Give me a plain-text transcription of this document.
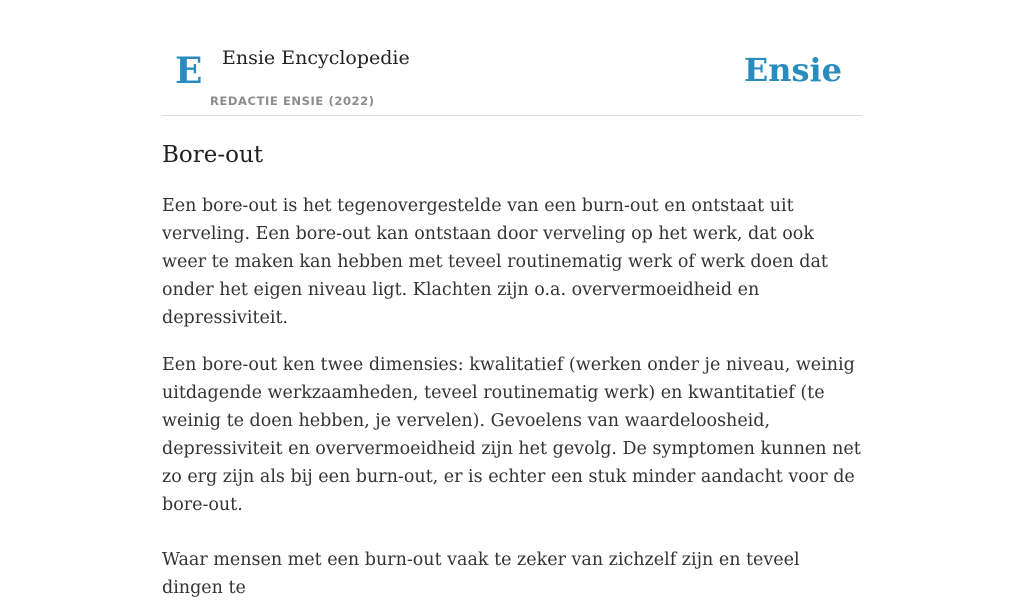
E Ensie Encyclopedie
REDACTIE ENSIE (2022)
Ensie
Bore-out

Een bore-out is het tegenovergestelde van een burn-out en ontstaat uit verveling. Een bore-out kan ontstaan door verveling op het werk, dat ook weer te maken kan hebben met teveel routinematig werk of werk doen dat onder het eigen niveau ligt. Klachten zijn o.a. oververmoeidheid en depressiviteit.

Een bore-out ken twee dimensies: kwalitatief (werken onder je niveau, weinig uitdagende werkzaamheden, teveel routinematig werk) en kwantitatief (te weinig te doen hebben, je vervelen). Gevoelens van waardeloosheid, depressiviteit en oververmoeidheid zijn het gevolg. De symptomen kunnen net zo erg zijn als bij een burn-out, er is echter een stuk minder aandacht voor de bore-out.

Waar mensen met een burn-out vaak te zeker van zichzelf zijn en teveel dingen te
